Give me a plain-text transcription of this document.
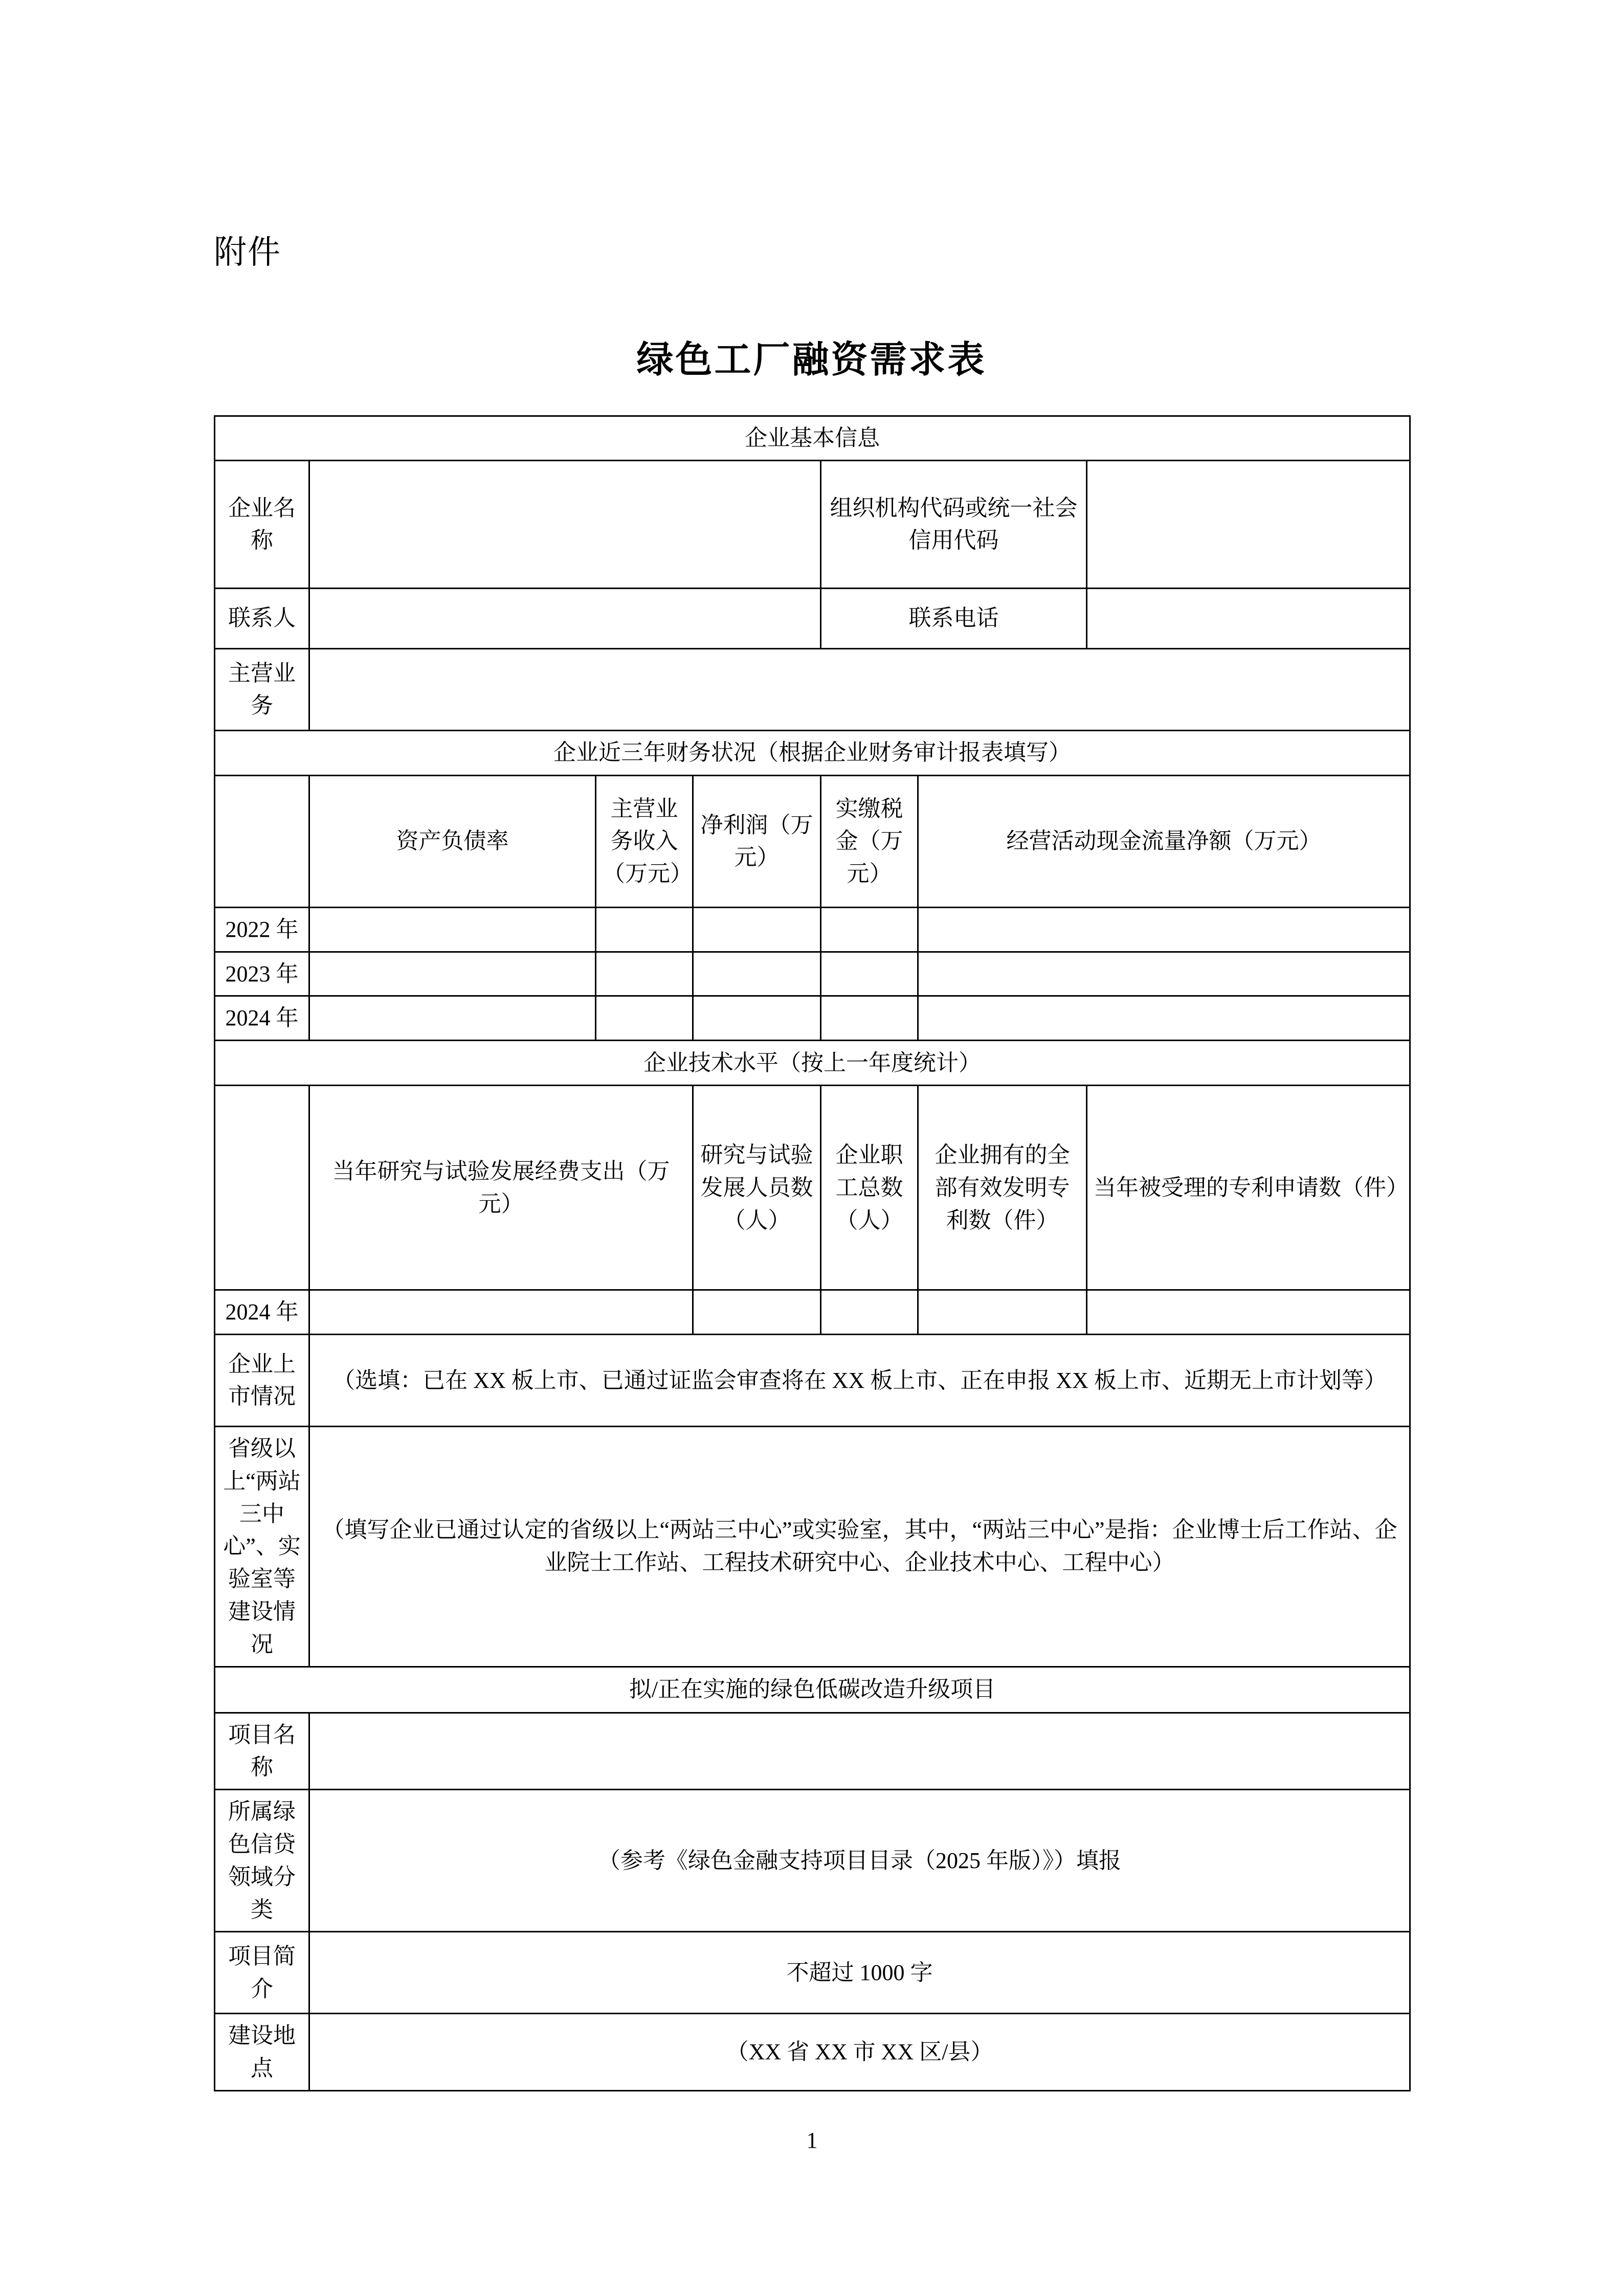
附件
绿色工厂融资需求表
企业基本信息						
企业名称				组织机构代码或统一社会信用代码		
联系人				联系电话		
主营业务						
企业近三年财务状况（根据企业财务审计报表填写）						
	资产负债率	主营业务收入（万元）	净利润（万元）	实缴税金（万元）	经营活动现金流量净额（万元）	
2022 年						
2023 年						
2024 年						
企业技术水平（按上一年度统计）						
	当年研究与试验发展经费支出（万元）		研究与试验发展人员数（人）	企业职工总数（人）	企业拥有的全部有效发明专利数（件）	当年被受理的专利申请数（件）
2024 年						
企业上市情况	（选填：已在 XX 板上市、已通过证监会审查将在 XX 板上市、正在申报 XX 板上市、近期无上市计划等）					
省级以上“两站三中心”、实验室等建设情况	（填写企业已通过认定的省级以上“两站三中心”或实验室，其中，“两站三中心”是指：企业博士后工作站、企业院士工作站、工程技术研究中心、企业技术中心、工程中心）					
拟/正在实施的绿色低碳改造升级项目						
项目名称						
所属绿色信贷领域分类	（参考《绿色金融支持项目目录（2025 年版）》）填报					
项目简介	不超过 1000 字					
建设地点	（XX 省 XX 市 XX 区/县）					
1
